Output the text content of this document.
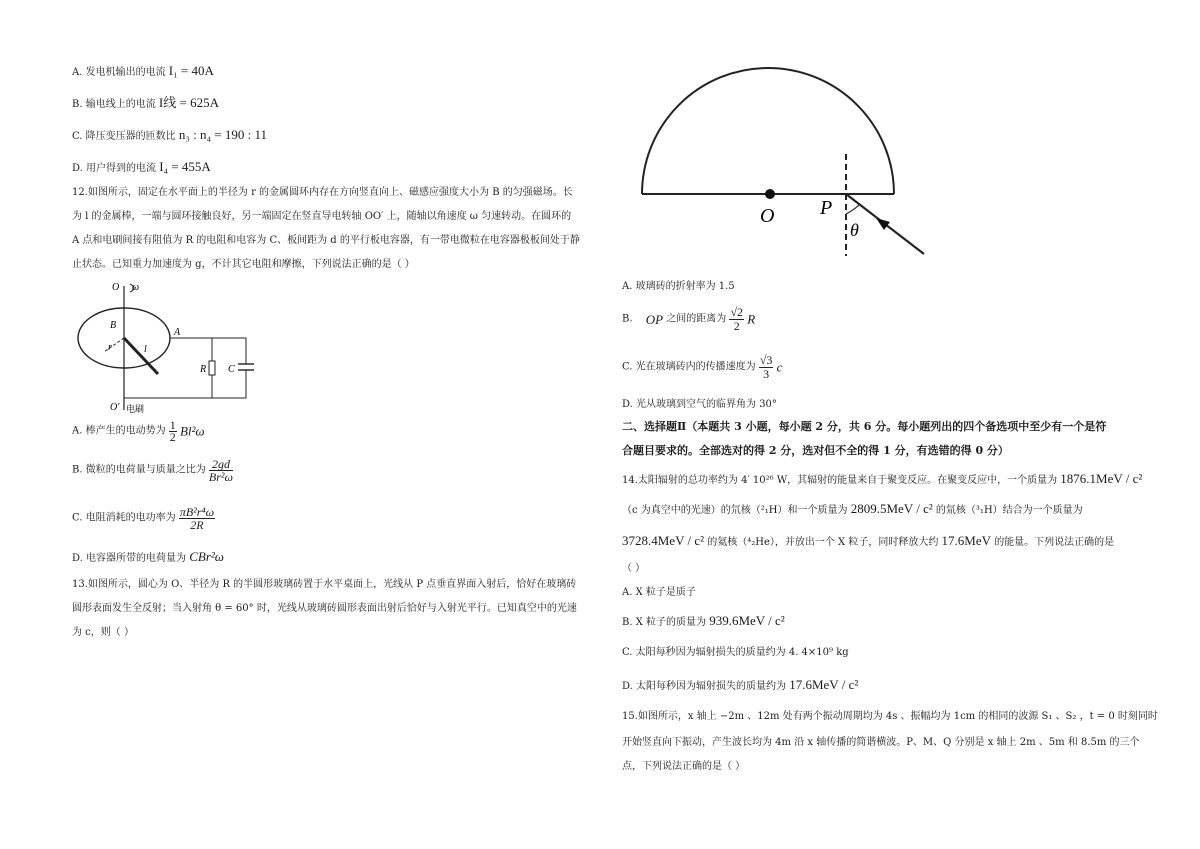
A. 发电机输出的电流 I₁ = 40A
B. 输电线上的电流 I线 = 625A
C. 降压变压器的匝数比 n₃ : n₄ = 190 : 11
D. 用户得到的电流 I₄ = 455A
12.如图所示，固定在水平面上的半径为 r 的金属圆环内存在方向竖直向上、磁感应强度大小为 B 的匀强磁场。长
为 l 的金属棒，一端与圆环接触良好，另一端固定在竖直导电转轴 OO′ 上，随轴以角速度 ω 匀速转动。在圆环的
A 点和电刷间接有阻值为 R 的电阻和电容为 C、板间距为 d 的平行板电容器，有一带电微粒在电容器极板间处于静
止状态。已知重力加速度为 g，不计其它电阻和摩擦，下列说法正确的是（ ）
O ω
B
A
r	l
R C
O′ 电刷
A. 棒产生的电动势为 $\frac{1}{2} Bl^2\omega$
B. 微粒的电荷量与质量之比为 $\frac{2gd}{\text{Br²ω}}$
C. 电阻消耗的电功率为 $\frac{\text{πB²r⁴ω}}{2R}$
D. 电容器所带的电荷量为 CBr²ω
13.如图所示，圆心为 O、半径为 R 的半圆形玻璃砖置于水平桌面上，光线从 P 点垂直界面入射后，恰好在玻璃砖
圆形表面发生全反射；当入射角 θ = 60° 时，光线从玻璃砖圆形表面出射后恰好与入射光平行。已知真空中的光速
为 c，则（ ）
O P
θ
A. 玻璃砖的折射率为 1.5
B. OP 之间的距离为 $\frac{√2}{2}$ R
C. 光在玻璃砖内的传播速度为 $\frac{√3}{3}$ c
D. 光从玻璃到空气的临界角为 30°
二、选择题Ⅱ（本题共 3 小题，每小题 2 分，共 6 分。每小题列出的四个备选项中至少有一个是符
合题目要求的。全部选对的得 2 分，选对但不全的得 1 分，有选错的得 0 分）
14.太阳辐射的总功率约为 4′ 10²⁶ W，其辐射的能量来自于聚变反应。在聚变反应中，一个质量为 1876.1MeV / c²
（c 为真空中的光速）的氘核（²₁H）和一个质量为 2809.5MeV / c² 的氚核（³₁H）结合为一个质量为
3728.4MeV / c² 的氦核（⁴₂He），并放出一个 X 粒子，同时释放大约 17.6MeV 的能量。下列说法正确的是
（ ）
A. X 粒子是质子
B. X 粒子的质量为 939.6MeV / c²
C. 太阳每秒因为辐射损失的质量约为 4. 4×10⁹ kg
D. 太阳每秒因为辐射损失的质量约为 17.6MeV / c²
15.如图所示，x 轴上 −2m 、12m 处有两个振动周期均为 4s 、振幅均为 1cm 的相同的波源 S₁ 、S₂ ，t = 0 时刻同时
开始竖直向下振动，产生波长均为 4m 沿 x 轴传播的简谐横波。P、M、Q 分别是 x 轴上 2m 、5m 和 8.5m 的三个
点，下列说法正确的是（ ）
